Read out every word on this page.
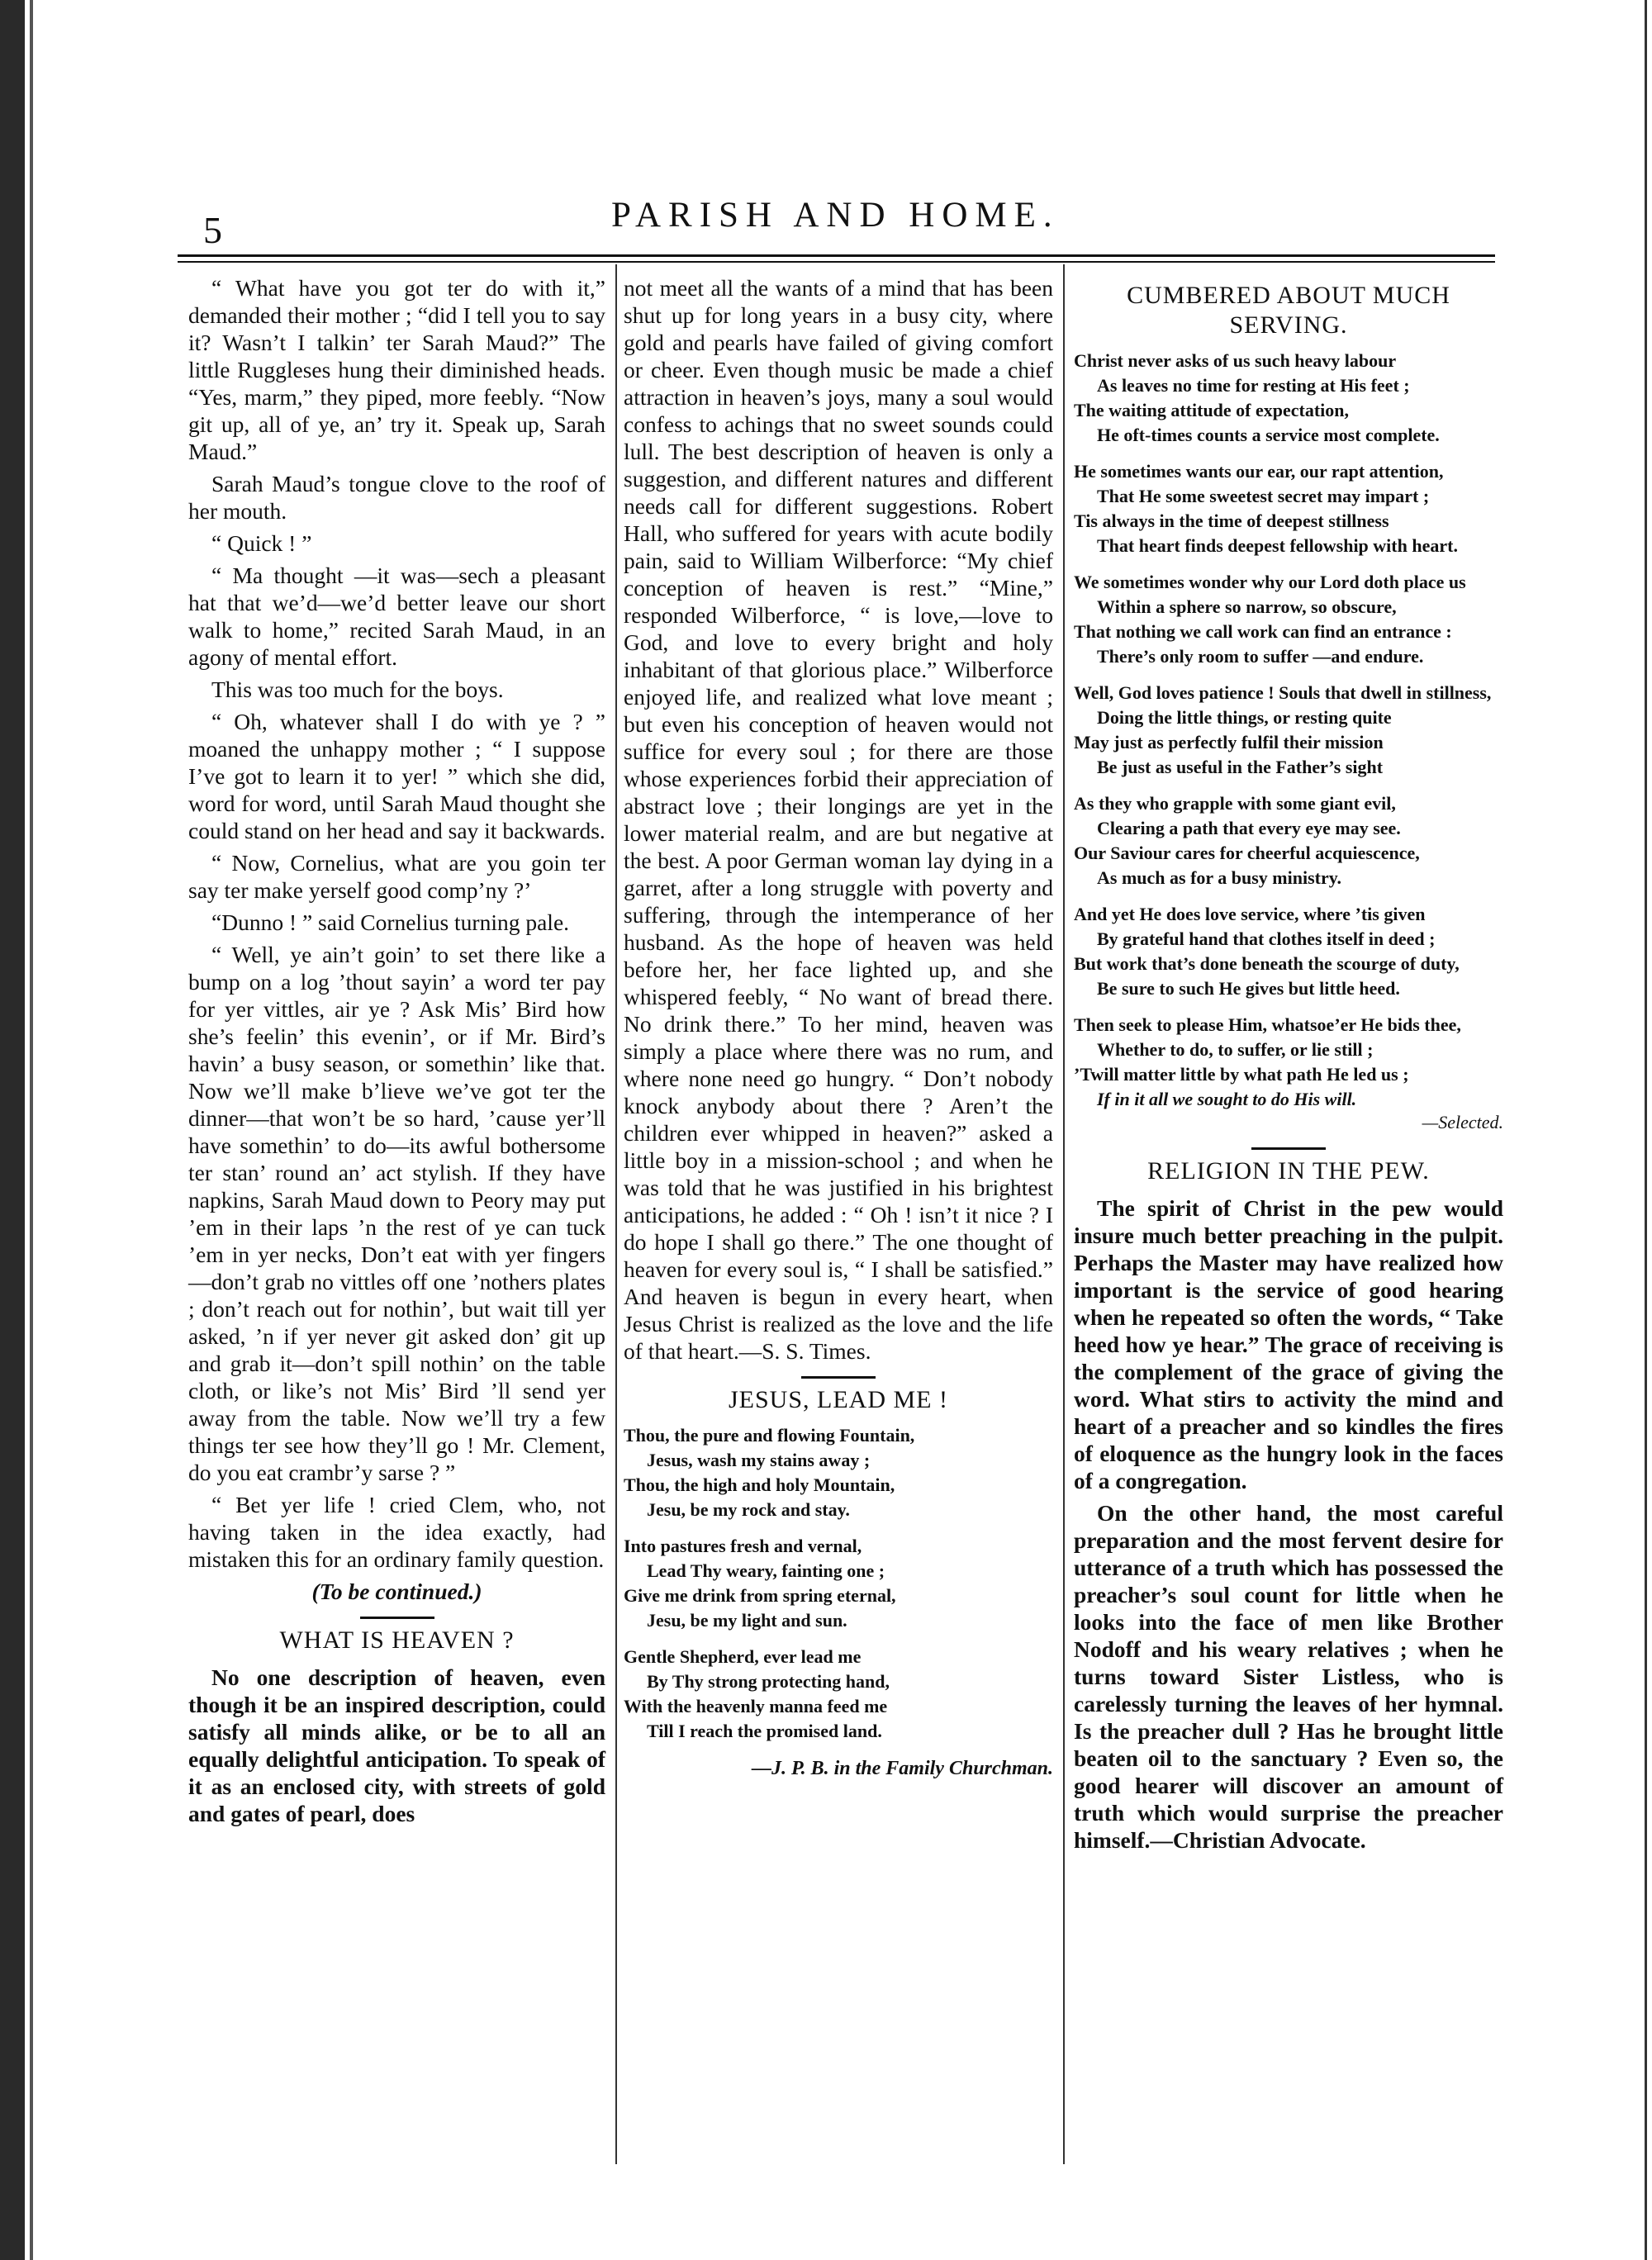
5	PARISH AND HOME.

“ What have you got ter do with it,” demanded their mother ; “did I tell you to say it? Wasn’t I talkin’ ter Sarah Maud?” The little Ruggleses hung their diminished heads. “Yes, marm,” they piped, more feebly. “Now git up, all of ye, an’ try it. Speak up, Sarah Maud.”

Sarah Maud’s tongue clove to the roof of her mouth.

“ Quick ! ”

“ Ma thought —it was—sech a pleasant hat that we’d—we’d better leave our short walk to home,” recited Sarah Maud, in an agony of mental effort.

This was too much for the boys.

“ Oh, whatever shall I do with ye ? ” moaned the unhappy mother ; “ I suppose I’ve got to learn it to yer! ” which she did, word for word, until Sarah Maud thought she could stand on her head and say it backwards.

“ Now, Cornelius, what are you goin ter say ter make yerself good comp’ny ?’

“Dunno ! ” said Cornelius turning pale.

“ Well, ye ain’t goin’ to set there like a bump on a log ’thout sayin’ a word ter pay for yer vittles, air ye ? Ask Mis’ Bird how she’s feelin’ this evenin’, or if Mr. Bird’s havin’ a busy season, or somethin’ like that. Now we’ll make b’lieve we’ve got ter the dinner—that won’t be so hard, ’cause yer’ll have somethin’ to do—its awful bothersome ter stan’ round an’ act stylish. If they have napkins, Sarah Maud down to Peory may put ’em in their laps ’n the rest of ye can tuck ’em in yer necks, Don’t eat with yer fingers—don’t grab no vittles off one ’nothers plates ; don’t reach out for nothin’, but wait till yer asked, ’n if yer never git asked don’ git up and grab it—don’t spill nothin’ on the table cloth, or like’s not Mis’ Bird ’ll send yer away from the table. Now we’ll try a few things ter see how they’ll go ! Mr. Clement, do you eat crambr’y sarse ? ”

“ Bet yer life ! cried Clem, who, not having taken in the idea exactly, had mistaken this for an ordinary family question.

(To be continued.)
WHAT IS HEAVEN ?

No one description of heaven, even though it be an inspired description, could satisfy all minds alike, or be to all an equally delightful anticipation. To speak of it as an enclosed city, with streets of gold and gates of pearl, does

not meet all the wants of a mind that has been shut up for long years in a busy city, where gold and pearls have failed of giving comfort or cheer. Even though music be made a chief attraction in heaven’s joys, many a soul would confess to achings that no sweet sounds could lull. The best description of heaven is only a suggestion, and different natures and different needs call for different suggestions. Robert Hall, who suffered for years with acute bodily pain, said to William Wilberforce: “My chief conception of heaven is rest.” “Mine,” responded Wilberforce, “ is love,—love to God, and love to every bright and holy inhabitant of that glorious place.” Wilberforce enjoyed life, and realized what love meant ; but even his conception of heaven would not suffice for every soul ; for there are those whose experiences forbid their appreciation of abstract love ; their longings are yet in the lower material realm, and are but negative at the best. A poor German woman lay dying in a garret, after a long struggle with poverty and suffering, through the intemperance of her husband. As the hope of heaven was held before her, her face lighted up, and she whispered feebly, “ No want of bread there. No drink there.” To her mind, heaven was simply a place where there was no rum, and where none need go hungry. “ Don’t nobody knock anybody about there ? Aren’t the children ever whipped in heaven?” asked a little boy in a mission-school ; and when he was told that he was justified in his brightest anticipations, he added : “ Oh ! isn’t it nice ? I do hope I shall go there.” The one thought of heaven for every soul is, “ I shall be satisfied.” And heaven is begun in every heart, when Jesus Christ is realized as the love and the life of that heart.—S. S. Times.

JESUS, LEAD ME !
Thou, the pure and flowing Fountain,
Jesus, wash my stains away ;
Thou, the high and holy Mountain,
Jesu, be my rock and stay.
Into pastures fresh and vernal,
Lead Thy weary, fainting one ;
Give me drink from spring eternal,
Jesu, be my light and sun.
Gentle Shepherd, ever lead me
By Thy strong protecting hand,
With the heavenly manna feed me
Till I reach the promised land.
—J. P. B. in the Family Churchman.
CUMBERED ABOUT MUCH SERVING.
Christ never asks of us such heavy labour
As leaves no time for resting at His feet ;
The waiting attitude of expectation,
He oft-times counts a service most complete.
He sometimes wants our ear, our rapt attention,
That He some sweetest secret may impart ;
Tis always in the time of deepest stillness
That heart finds deepest fellowship with heart.
We sometimes wonder why our Lord doth place us
Within a sphere so narrow, so obscure,
That nothing we call work can find an entrance :
There’s only room to suffer —and endure.
Well, God loves patience ! Souls that dwell in stillness,
Doing the little things, or resting quite
May just as perfectly fulfil their mission
Be just as useful in the Father’s sight
As they who grapple with some giant evil,
Clearing a path that every eye may see.
Our Saviour cares for cheerful acquiescence,
As much as for a busy ministry.
And yet He does love service, where ’tis given
By grateful hand that clothes itself in deed ;
But work that’s done beneath the scourge of duty,
Be sure to such He gives but little heed.
Then seek to please Him, whatsoe’er He bids thee,
Whether to do, to suffer, or lie still ;
’Twill matter little by what path He led us ;
If in it all we sought to do His will.
—Selected.
RELIGION IN THE PEW.

The spirit of Christ in the pew would insure much better preaching in the pulpit. Perhaps the Master may have realized how important is the service of good hearing when he repeated so often the words, “ Take heed how ye hear.” The grace of receiving is the complement of the grace of giving the word. What stirs to activity the mind and heart of a preacher and so kindles the fires of eloquence as the hungry look in the faces of a congregation.

On the other hand, the most careful preparation and the most fervent desire for utterance of a truth which has possessed the preacher’s soul count for little when he looks into the face of men like Brother Nodoff and his weary relatives ; when he turns toward Sister Listless, who is carelessly turning the leaves of her hymnal. Is the preacher dull ? Has he brought little beaten oil to the sanctuary ? Even so, the good hearer will discover an amount of truth which would surprise the preacher himself.—Christian Advocate.
